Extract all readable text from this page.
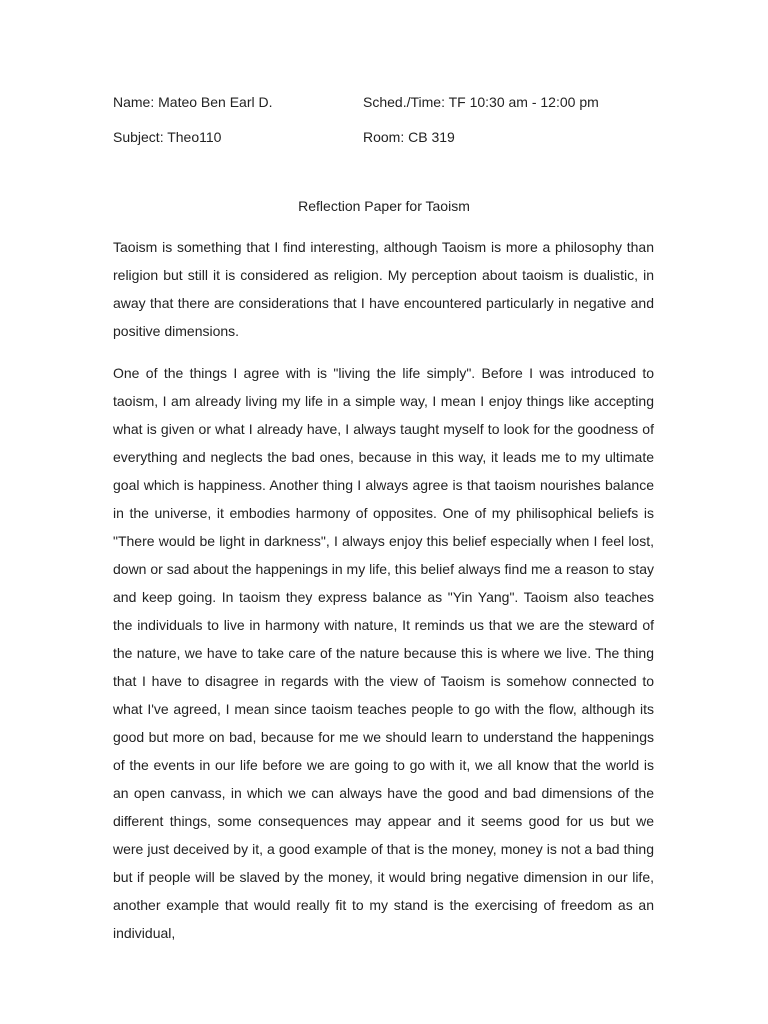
Name: Mateo Ben Earl D.	Sched./Time: TF 10:30 am - 12:00 pm
Subject: Theo110	Room: CB 319
Reflection Paper for Taoism

Taoism is something that I find interesting, although Taoism is more a philosophy than religion but still it is considered as religion. My perception about taoism is dualistic, in away that there are considerations that I have encountered particularly in negative and positive dimensions.

One of the things I agree with is "living the life simply". Before I was introduced to taoism, I am already living my life in a simple way, I mean I enjoy things like accepting what is given or what I already have, I always taught myself to look for the goodness of everything and neglects the bad ones, because in this way, it leads me to my ultimate goal which is happiness. Another thing I always agree is that taoism nourishes balance in the universe, it embodies harmony of opposites. One of my philisophical beliefs is "There would be light in darkness", I always enjoy this belief especially when I feel lost, down or sad about the happenings in my life, this belief always find me a reason to stay and keep going. In taoism they express balance as "Yin Yang". Taoism also teaches the individuals to live in harmony with nature, It reminds us that we are the steward of the nature, we have to take care of the nature because this is where we live. The thing that I have to disagree in regards with the view of Taoism is somehow connected to what I've agreed, I mean since taoism teaches people to go with the flow, although its good but more on bad, because for me we should learn to understand the happenings of the events in our life before we are going to go with it, we all know that the world is an open canvass, in which we can always have the good and bad dimensions of the different things, some consequences may appear and it seems good for us but we were just deceived by it, a good example of that is the money, money is not a bad thing but if people will be slaved by the money, it would bring negative dimension in our life, another example that would really fit to my stand is the exercising of freedom as an individual,
